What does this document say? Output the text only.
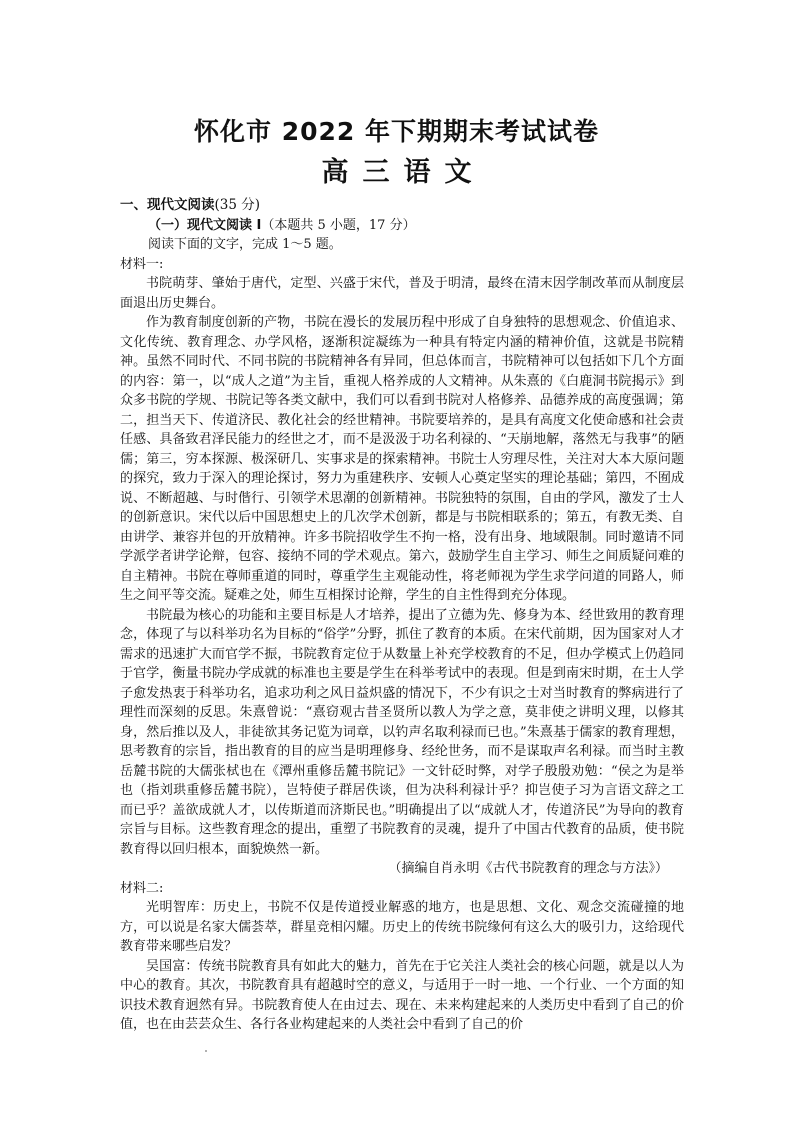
怀化市 2022 年下期期末考试试卷
高三语文
一、现代文阅读(35 分)
（一）现代文阅读 I（本题共 5 小题，17 分）
阅读下面的文字，完成 1～5 题。
材料一:

书院萌芽、肇始于唐代，定型、兴盛于宋代，普及于明清，最终在清末因学制改革而从制度层面退出历史舞台。

作为教育制度创新的产物，书院在漫长的发展历程中形成了自身独特的思想观念、价值追求、文化传统、教育理念、办学风格，逐渐积淀凝练为一种具有特定内涵的精神价值，这就是书院精神。虽然不同时代、不同书院的书院精神各有异同，但总体而言，书院精神可以包括如下几个方面的内容：第一，以“成人之道”为主旨，重视人格养成的人文精神。从朱熹的《白鹿洞书院揭示》到众多书院的学规、书院记等各类文献中，我们可以看到书院对人格修养、品德养成的高度强调；第二，担当天下、传道济民、教化社会的经世精神。书院要培养的，是具有高度文化使命感和社会责任感、具备致君泽民能力的经世之才，而不是汲汲于功名利禄的、“天崩地解，落然无与我事”的陋儒；第三，穷本探源、极深研几、实事求是的探索精神。书院士人穷理尽性，关注对大本大原问题的探究，致力于深入的理论探讨，努力为重建秩序、安顿人心奠定坚实的理论基础；第四，不囿成说、不断超越、与时偕行、引领学术思潮的创新精神。书院独特的氛围，自由的学风，激发了士人的创新意识。宋代以后中国思想史上的几次学术创新，都是与书院相联系的；第五，有教无类、自由讲学、兼容并包的开放精神。许多书院招收学生不拘一格，没有出身、地域限制。同时邀请不同学派学者讲学论辩，包容、接纳不同的学术观点。第六，鼓励学生自主学习、师生之间质疑问难的自主精神。书院在尊师重道的同时，尊重学生主观能动性，将老师视为学生求学问道的同路人，师生之间平等交流。疑难之处，师生互相探讨论辩，学生的自主性得到充分体现。

书院最为核心的功能和主要目标是人才培养，提出了立德为先、修身为本、经世致用的教育理念，体现了与以科举功名为目标的“俗学”分野，抓住了教育的本质。在宋代前期，因为国家对人才需求的迅速扩大而官学不振，书院教育定位于从数量上补充学校教育的不足，但办学模式上仍趋同于官学，衡量书院办学成就的标准也主要是学生在科举考试中的表现。但是到南宋时期，在士人学子愈发热衷于科举功名，追求功利之风日益炽盛的情况下，不少有识之士对当时教育的弊病进行了理性而深刻的反思。朱熹曾说：“熹窃观古昔圣贤所以教人为学之意，莫非使之讲明义理，以修其身，然后推以及人，非徒欲其务记览为词章，以钓声名取利禄而已也。”朱熹基于儒家的教育理想，思考教育的宗旨，指出教育的目的应当是明理修身、经纶世务，而不是谋取声名利禄。而当时主教岳麓书院的大儒张栻也在《潭州重修岳麓书院记》一文针砭时弊，对学子殷殷劝勉：“侯之为是举也（指刘珙重修岳麓书院），岂特使子群居佚谈，但为决科利禄计乎？抑岂使子习为言语文辞之工而已乎？盖欲成就人才，以传斯道而济斯民也。”明确提出了以“成就人才，传道济民”为导向的教育宗旨与目标。这些教育理念的提出，重塑了书院教育的灵魂，提升了中国古代教育的品质，使书院教育得以回归根本，面貌焕然一新。

（摘编自肖永明《古代书院教育的理念与方法》）
材料二:

光明智库：历史上，书院不仅是传道授业解惑的地方，也是思想、文化、观念交流碰撞的地方，可以说是名家大儒荟萃，群星竞相闪耀。历史上的传统书院缘何有这么大的吸引力，这给现代教育带来哪些启发？

吴国富：传统书院教育具有如此大的魅力，首先在于它关注人类社会的核心问题，就是以人为中心的教育。其次，书院教育具有超越时空的意义，与适用于一时一地、一个行业、一个方面的知识技术教育迥然有异。书院教育使人在由过去、现在、未来构建起来的人类历史中看到了自己的价值，也在由芸芸众生、各行各业构建起来的人类社会中看到了自己的价
